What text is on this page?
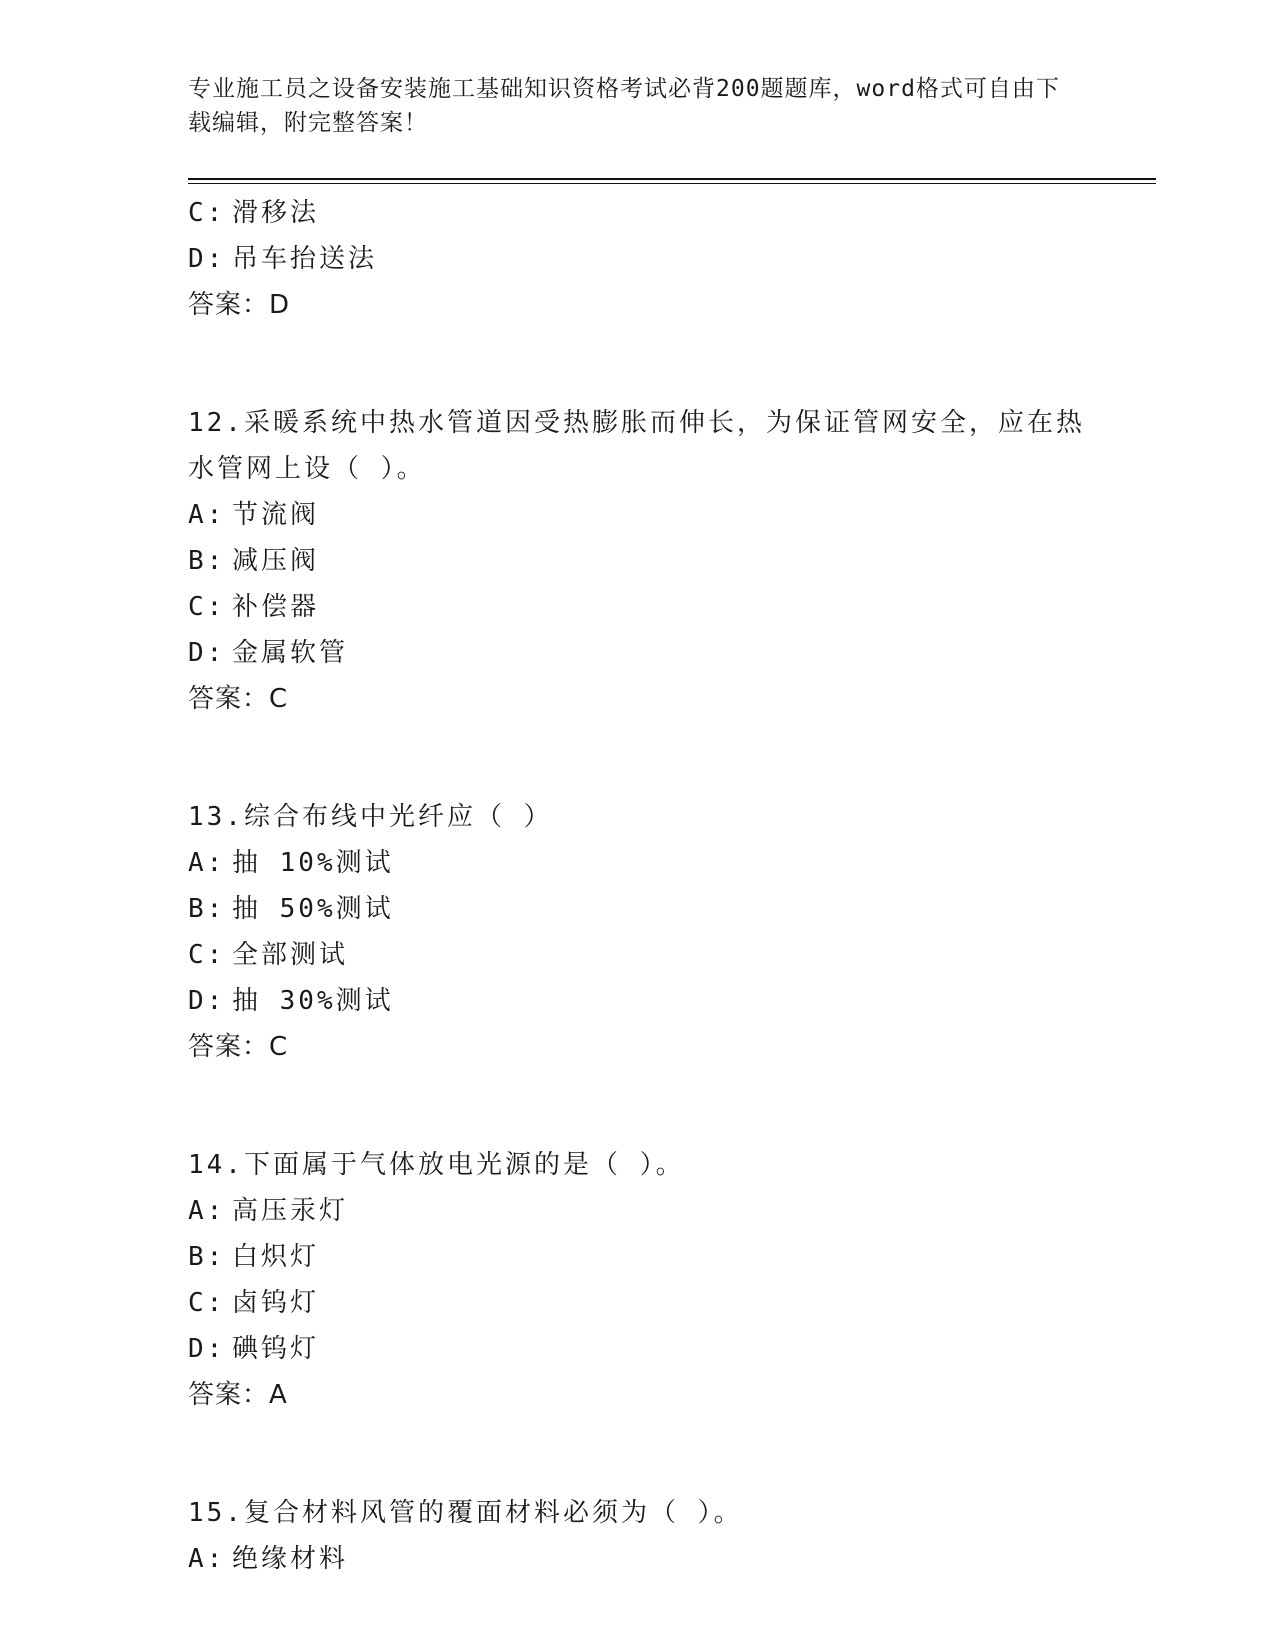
专业施工员之设备安装施工基础知识资格考试必背200题题库，word格式可自由下载编辑，附完整答案！
C: 滑移法
D: 吊车抬送法
答案：D
12.采暖系统中热水管道因受热膨胀而伸长，为保证管网安全，应在热水管网上设（ ）。
A: 节流阀
B: 减压阀
C: 补偿器
D: 金属软管
答案：C
13.综合布线中光纤应（ ）
A: 抽 10%测试
B: 抽 50%测试
C: 全部测试
D: 抽 30%测试
答案：C
14.下面属于气体放电光源的是（ ）。
A: 高压汞灯
B: 白炽灯
C: 卤钨灯
D: 碘钨灯
答案：A
15.复合材料风管的覆面材料必须为（ ）。
A: 绝缘材料
